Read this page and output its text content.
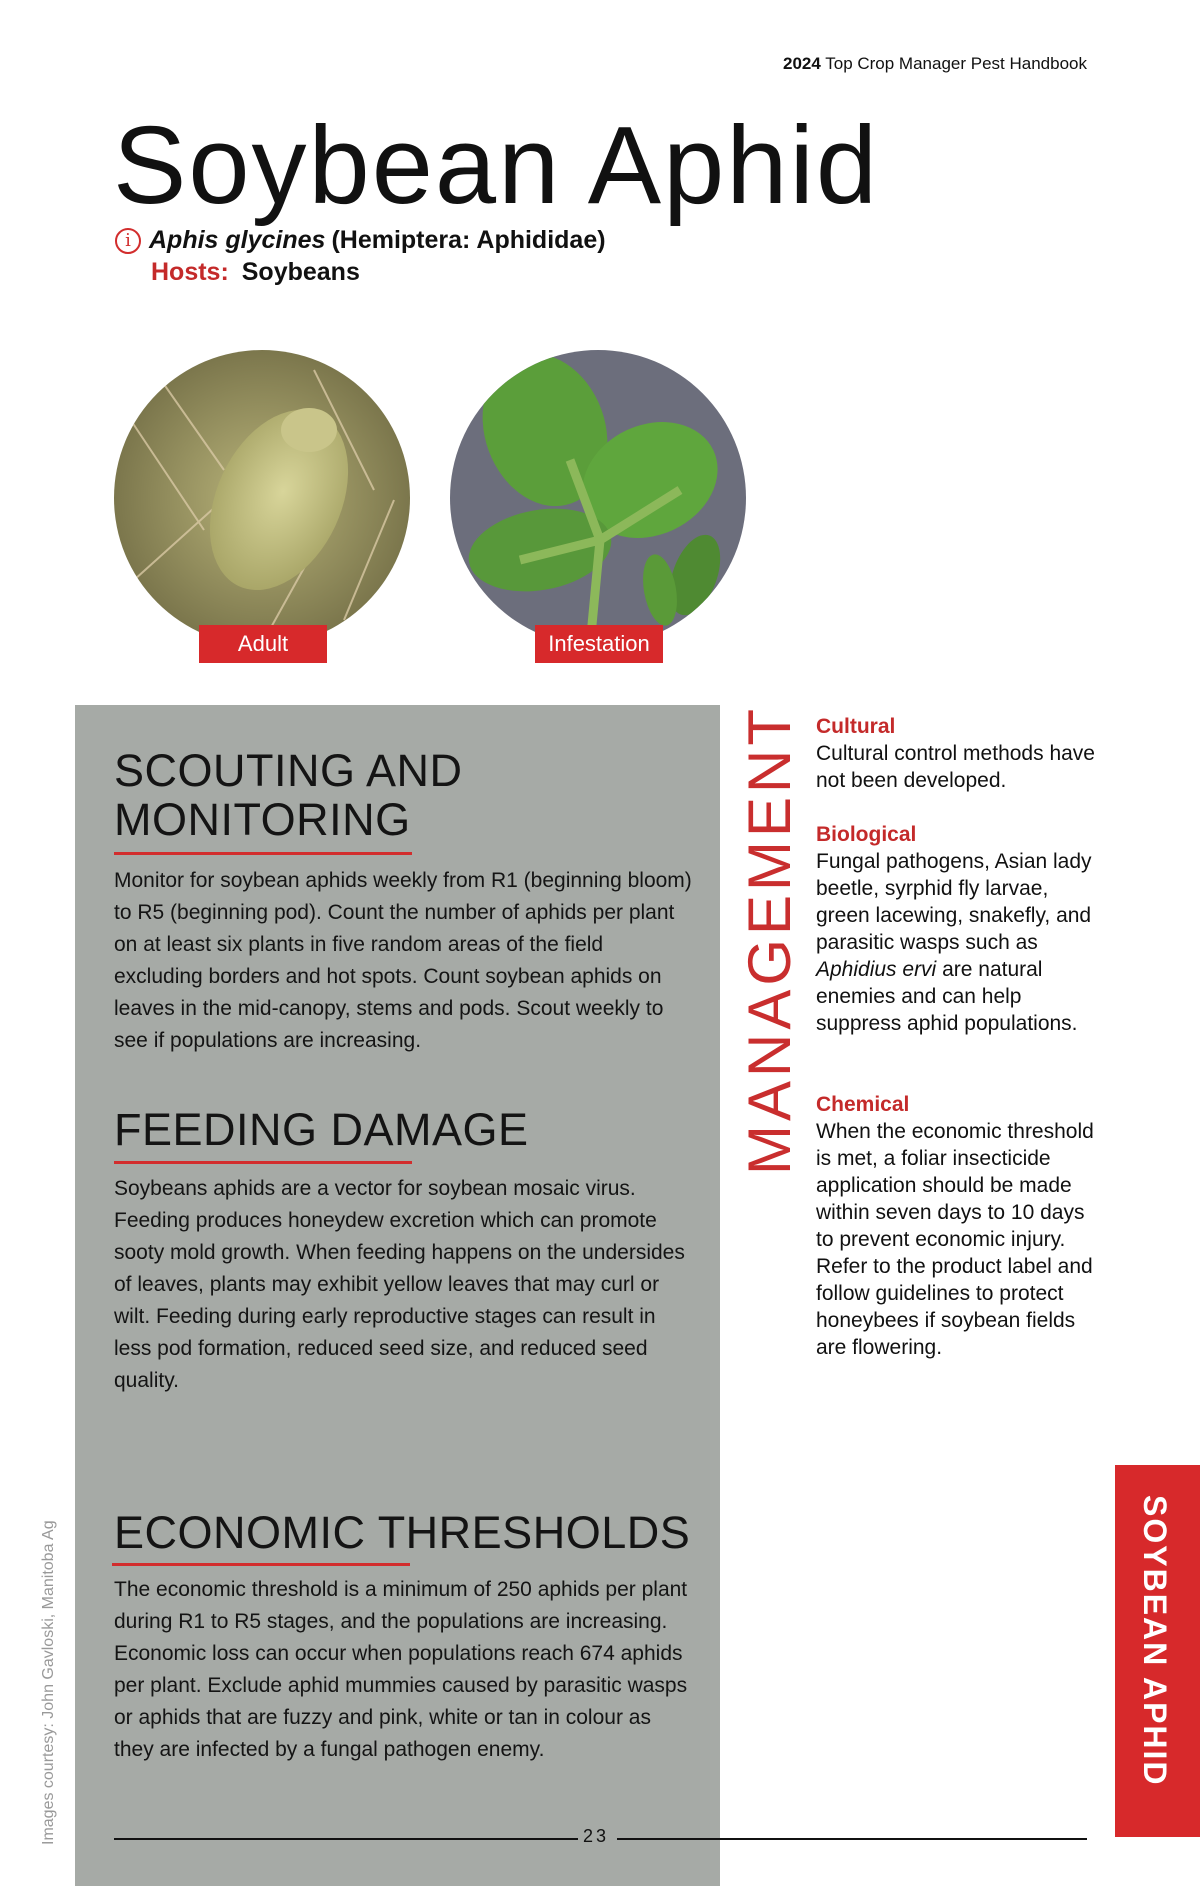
2024 Top Crop Manager Pest Handbook
Soybean Aphid
i Aphis glycines (Hemiptera: Aphididae)
Hosts: Soybeans
Adult	Infestation
SCOUTING AND
MONITORING

Monitor for soybean aphids weekly from R1 (beginning bloom) to R5 (beginning pod). Count the number of aphids per plant on at least six plants in five random areas of the field excluding borders and hot spots. Count soybean aphids on leaves in the mid-canopy, stems and pods. Scout weekly to see if populations are increasing.

FEEDING DAMAGE

Soybeans aphids are a vector for soybean mosaic virus. Feeding produces honeydew excretion which can promote sooty mold growth. When feeding happens on the undersides of leaves, plants may exhibit yellow leaves that may curl or wilt. Feeding during early reproductive stages can result in less pod formation, reduced seed size, and reduced seed quality.

ECONOMIC THRESHOLDS

The economic threshold is a minimum of 250 aphids per plant during R1 to R5 stages, and the populations are increasing. Economic loss can occur when populations reach 674 aphids per plant. Exclude aphid mummies caused by parasitic wasps or aphids that are fuzzy and pink, white or tan in colour as they are infected by a fungal pathogen enemy.

MANAGEMENT Cultural

Cultural control methods have not been developed.

Biological

Fungal pathogens, Asian lady beetle, syrphid fly larvae, green lacewing, snakefly, and parasitic wasps such as Aphidius ervi are natural enemies and can help suppress aphid populations.

Chemical

When the economic threshold is met, a foliar insecticide application should be made within seven days to 10 days to prevent economic injury. Refer to the product label and follow guidelines to protect honeybees if soybean fields are flowering.

Images courtesy: John Gavloski, Manitoba Ag	SOYBEAN APHID
23
